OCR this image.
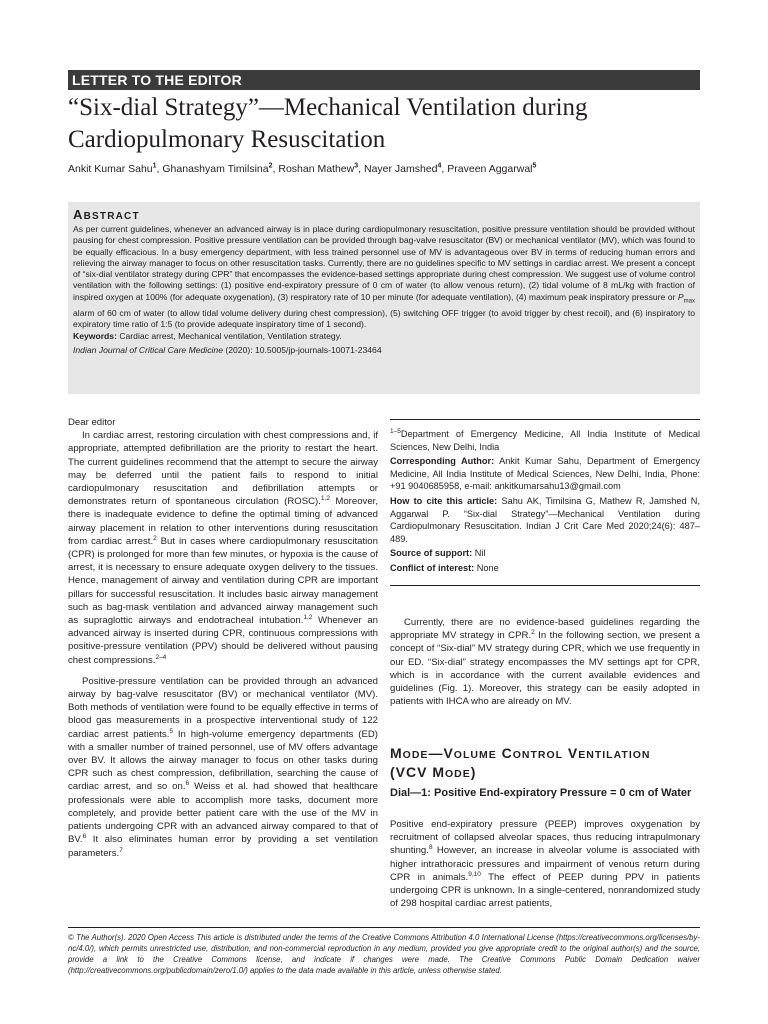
LETTER TO THE EDITOR
“Six-dial Strategy”—Mechanical Ventilation during Cardiopulmonary Resuscitation
Ankit Kumar Sahu$^1$, Ghanashyam Timilsina$^2$, Roshan Mathew$^3$, Nayer Jamshed$^4$, Praveen Aggarwal$^5$
ABSTRACT
As per current guidelines, whenever an advanced airway is in place during cardiopulmonary resuscitation, positive pressure ventilation should be provided without pausing for chest compression. Positive pressure ventilation can be provided through bag-valve resuscitator (BV) or mechanical ventilator (MV), which was found to be equally efficacious. In a busy emergency department, with less trained personnel use of MV is advantageous over BV in terms of reducing human errors and relieving the airway manager to focus on other resuscitation tasks. Currently, there are no guidelines specific to MV settings in cardiac arrest. We present a concept of “six-dial ventilator strategy during CPR” that encompasses the evidence-based settings appropriate during chest compression. We suggest use of volume control ventilation with the following settings: (1) positive end-expiratory pressure of 0 cm of water (to allow venous return), (2) tidal volume of 8 mL/kg with fraction of inspired oxygen at 100% (for adequate oxygenation), (3) respiratory rate of 10 per minute (for adequate ventilation), (4) maximum peak inspiratory pressure or $P_{max}$ alarm of 60 cm of water (to allow tidal volume delivery during chest compression), (5) switching OFF trigger (to avoid trigger by chest recoil), and (6) inspiratory to expiratory time ratio of 1:5 (to provide adequate inspiratory time of 1 second).
Keywords: Cardiac arrest, Mechanical ventilation, Ventilation strategy.
Indian Journal of Critical Care Medicine (2020): 10.5005/jp-journals-10071-23464

Dear editor

In cardiac arrest, restoring circulation with chest compressions and, if appropriate, attempted defibrillation are the priority to restart the heart. The current guidelines recommend that the attempt to secure the airway may be deferred until the patient fails to respond to initial cardiopulmonary resuscitation and defibrillation attempts or demonstrates return of spontaneous circulation (ROSC).$^{1,2}$ Moreover, there is inadequate evidence to define the optimal timing of advanced airway placement in relation to other interventions during resuscitation from cardiac arrest.$^2$ But in cases where cardiopulmonary resuscitation (CPR) is prolonged for more than few minutes, or hypoxia is the cause of arrest, it is necessary to ensure adequate oxygen delivery to the tissues. Hence, management of airway and ventilation during CPR are important pillars for successful resuscitation. It includes basic airway management such as bag-mask ventilation and advanced airway management such as supraglottic airways and endotracheal intubation.$^{1,2}$ Whenever an advanced airway is inserted during CPR, continuous compressions with positive-pressure ventilation (PPV) should be delivered without pausing chest compressions.$^{2-4}$

Positive-pressure ventilation can be provided through an advanced airway by bag-valve resuscitator (BV) or mechanical ventilator (MV). Both methods of ventilation were found to be equally effective in terms of blood gas measurements in a prospective interventional study of 122 cardiac arrest patients.$^5$ In high-volume emergency departments (ED) with a smaller number of trained personnel, use of MV offers advantage over BV. It allows the airway manager to focus on other tasks during CPR such as chest compression, defibrillation, searching the cause of cardiac arrest, and so on.$^6$ Weiss et al. had showed that healthcare professionals were able to accomplish more tasks, document more completely, and provide better patient care with the use of the MV in patients undergoing CPR with an advanced airway compared to that of BV.$^6$ It also eliminates human error by providing a set ventilation parameters.$^7$

$^{1-5}$Department of Emergency Medicine, All India Institute of Medical Sciences, New Delhi, India

Corresponding Author: Ankit Kumar Sahu, Department of Emergency Medicine, All India Institute of Medical Sciences, New Delhi, India, Phone: +91 9040685958, e-mail: ankitkumarsahu13@gmail.com

How to cite this article: Sahu AK, Timilsina G, Mathew R, Jamshed N, Aggarwal P. “Six-dial Strategy”—Mechanical Ventilation during Cardiopulmonary Resuscitation. Indian J Crit Care Med 2020;24(6): 487–489.

Source of support: Nil

Conflict of interest: None

Currently, there are no evidence-based guidelines regarding the appropriate MV strategy in CPR.$^2$ In the following section, we present a concept of “Six-dial” MV strategy during CPR, which we use frequently in our ED. “Six-dial” strategy encompasses the MV settings apt for CPR, which is in accordance with the current available evidences and guidelines (Fig. 1). Moreover, this strategy can be easily adopted in patients with IHCA who are already on MV.

MODE—VOLUME CONTROL VENTILATION
(VCV MODE)
Dial—1: Positive End-expiratory Pressure = 0 cm of Water

Positive end-expiratory pressure (PEEP) improves oxygenation by recruitment of collapsed alveolar spaces, thus reducing intrapulmonary shunting.$^8$ However, an increase in alveolar volume is associated with higher intrathoracic pressures and impairment of venous return during CPR in animals.$^{9,10}$ The effect of PEEP during PPV in patients undergoing CPR is unknown. In a single-centered, nonrandomized study of 298 hospital cardiac arrest patients,

© The Author(s). 2020 Open Access This article is distributed under the terms of the Creative Commons Attribution 4.0 International License (https://creativecommons.org/licenses/by-nc/4.0/), which permits unrestricted use, distribution, and non-commercial reproduction in any medium, provided you give appropriate credit to the original author(s) and the source, provide a link to the Creative Commons license, and indicate if changes were made. The Creative Commons Public Domain Dedication waiver (http://creativecommons.org/publicdomain/zero/1.0/) applies to the data made available in this article, unless otherwise stated.
